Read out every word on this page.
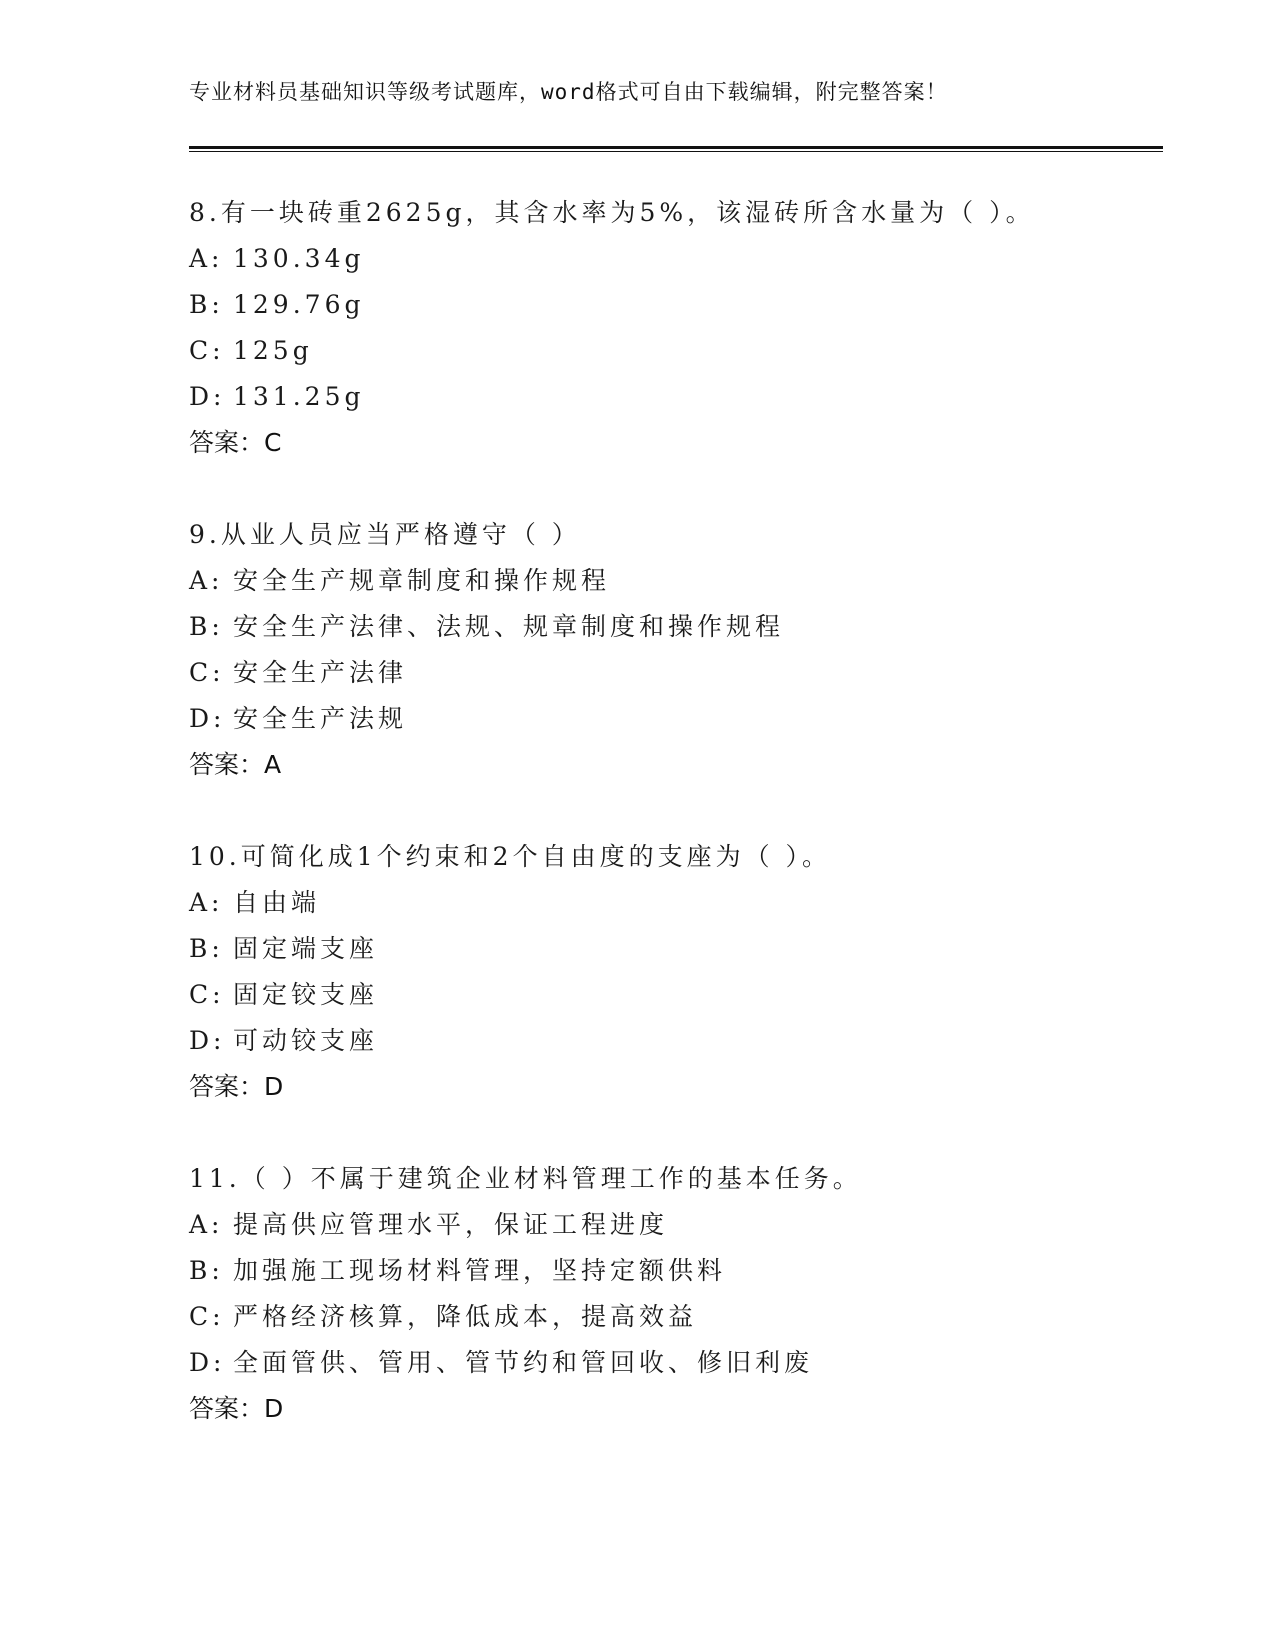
专业材料员基础知识等级考试题库，word格式可自由下载编辑，附完整答案！
8.有一块砖重2625g，其含水率为5%，该湿砖所含水量为（ ）。
A: 130.34g
B: 129.76g
C: 125g
D: 131.25g
答案：C
9.从业人员应当严格遵守（ ）
A: 安全生产规章制度和操作规程
B: 安全生产法律、法规、规章制度和操作规程
C: 安全生产法律
D: 安全生产法规
答案：A
10.可简化成1个约束和2个自由度的支座为（ ）。
A: 自由端
B: 固定端支座
C: 固定铰支座
D: 可动铰支座
答案：D
11.（ ）不属于建筑企业材料管理工作的基本任务。
A: 提高供应管理水平，保证工程进度
B: 加强施工现场材料管理，坚持定额供料
C: 严格经济核算，降低成本，提高效益
D: 全面管供、管用、管节约和管回收、修旧利废
答案：D
